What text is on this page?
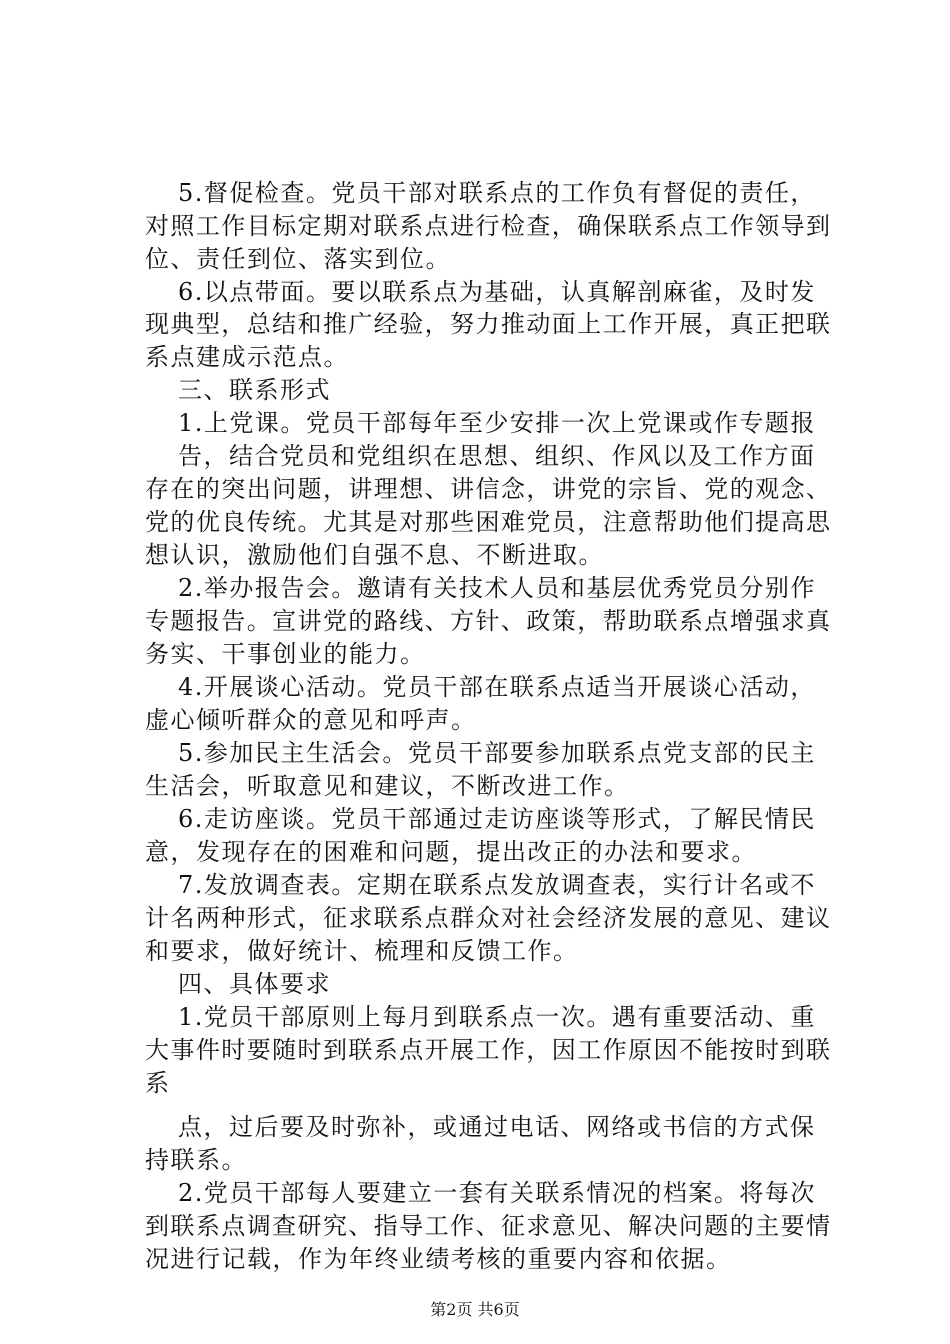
5.督促检查。党员干部对联系点的工作负有督促的责任，
对照工作目标定期对联系点进行检查，确保联系点工作领导到
位、责任到位、落实到位。
6.以点带面。要以联系点为基础，认真解剖麻雀，及时发
现典型，总结和推广经验，努力推动面上工作开展，真正把联
系点建成示范点。
三、联系形式
1.上党课。党员干部每年至少安排一次上党课或作专题报
告，结合党员和党组织在思想、组织、作风以及工作方面
存在的突出问题，讲理想、讲信念，讲党的宗旨、党的观念、
党的优良传统。尤其是对那些困难党员，注意帮助他们提高思
想认识，激励他们自强不息、不断进取。
2.举办报告会。邀请有关技术人员和基层优秀党员分别作
专题报告。宣讲党的路线、方针、政策，帮助联系点增强求真
务实、干事创业的能力。
4.开展谈心活动。党员干部在联系点适当开展谈心活动，
虚心倾听群众的意见和呼声。
5.参加民主生活会。党员干部要参加联系点党支部的民主
生活会，听取意见和建议，不断改进工作。
6.走访座谈。党员干部通过走访座谈等形式，了解民情民
意，发现存在的困难和问题，提出改正的办法和要求。
7.发放调查表。定期在联系点发放调查表，实行计名或不
计名两种形式，征求联系点群众对社会经济发展的意见、建议
和要求，做好统计、梳理和反馈工作。
四、具体要求
1.党员干部原则上每月到联系点一次。遇有重要活动、重
大事件时要随时到联系点开展工作，因工作原因不能按时到联
系
点，过后要及时弥补，或通过电话、网络或书信的方式保
持联系。
2.党员干部每人要建立一套有关联系情况的档案。将每次
到联系点调查研究、指导工作、征求意见、解决问题的主要情
况进行记载，作为年终业绩考核的重要内容和依据。
第2页 共6页
